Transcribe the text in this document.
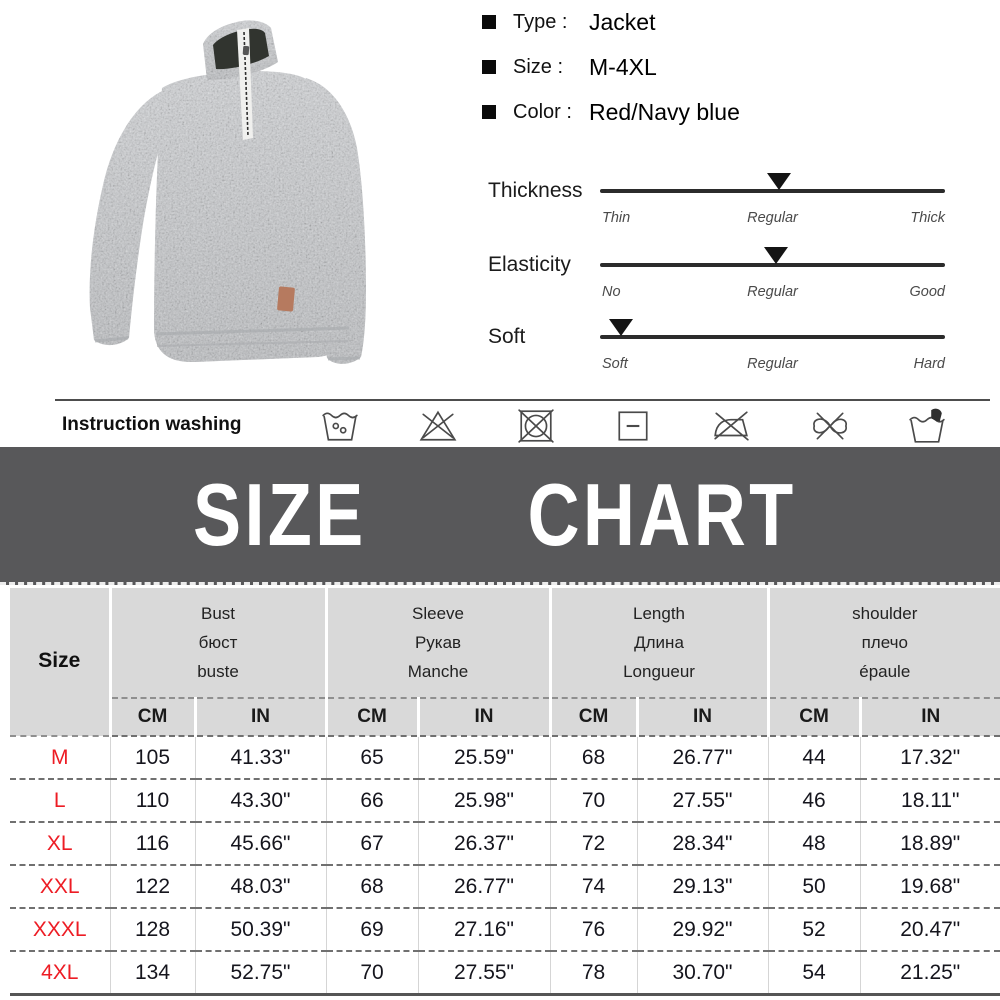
Type : Jacket
Size :	M-4XL
Color : Red/Navy blue
Thickness
Thin	Regular	Thick
Elasticity
No	Regular	Good
Soft
Soft	Regular	Hard
Instruction washing
SIZE CHART
Size	
Bust
бюст
buste

Sleeve
Рукав
Manche

Length
Длина
Longueur

shoulder
плечо
épaule

	CM	IN	CM	IN	CM	IN	CM	IN
M	105	41.33"	65	25.59"	68	26.77"	44	17.32"
L	110	43.30"	66	25.98"	70	27.55"	46	18.11"
XL	116	45.66"	67	26.37"	72	28.34"	48	18.89"
XXL	122	48.03"	68	26.77"	74	29.13"	50	19.68"
XXXL	128	50.39"	69	27.16"	76	29.92"	52	20.47"
4XL	134	52.75"	70	27.55"	78	30.70"	54	21.25"
